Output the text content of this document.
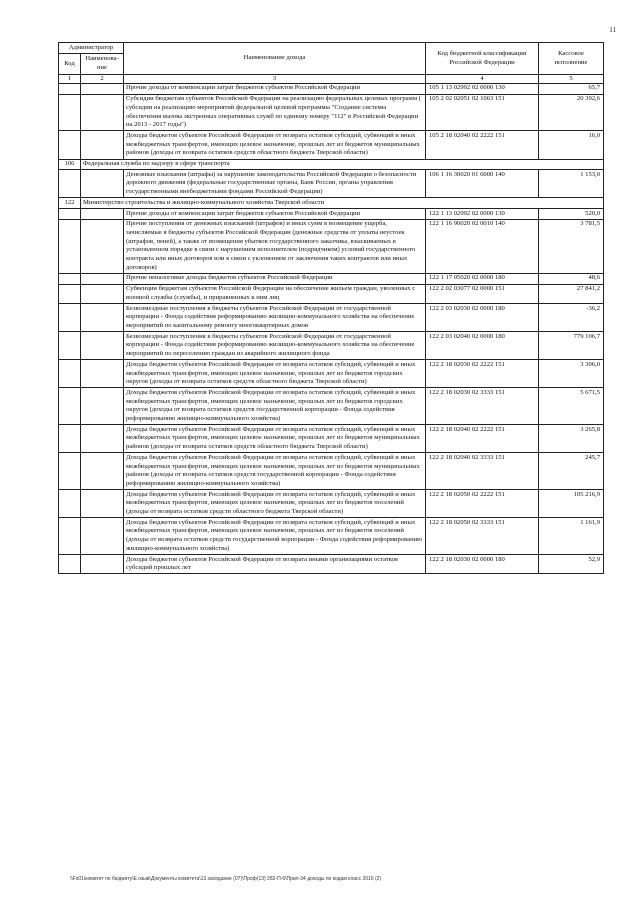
11
Администратор		Наименование дохода	Код бюджетной классификации Российской Федерации	Кассовое исполнение
Код	Наименова-ние			
1	2	3	4	5
		Прочие доходы от компенсации затрат бюджетов субъектов Российской Федерации	105 1 13 02992 02 0000 130	65,7
		Субсидии бюджетам субъектов Российской Федерации на реализацию федеральных целевых программ ( субсидии на реализацию мероприятий федеральной целевой программы "Создание системы обеспечения вызова экстренных оперативных служб по единому номеру "112" в Российской Федерации на 2013 - 2017 годы")	105 2 02 02051 02 1063 151	20 392,6
		Доходы бюджетов субъектов Российской Федерации от возврата остатков субсидий, субвенций и иных межбюджетных трансфертов, имеющих целевое назначение, прошлых лет из бюджетов муниципальных районов (доходы от возврата остатков средств областного бюджета Тверской области)	105 2 18 02040 02 2222 151	16,0
106	Федеральная служба по надзору в сфере транспорта			
		Денежные взыскания (штрафы) за нарушение законодательства Российской Федерации о безопасности дорожного движения (федеральные государственные органы, Банк России, органы управления государственными внебюджетными фондами Российской Федерации)	106 1 16 30020 01 6000 140	1 153,0
122	Министерство строительства и жилищно-коммунального хозяйства Тверской области			
		Прочие доходы от компенсации затрат бюджетов субъектов Российской Федерации	122 1 13 02992 02 0000 130	520,0
		Прочие поступления от денежных взысканий (штрафов) и иных сумм в возмещение ущерба, зачисляемые в бюджеты субъектов Российской Федерации (денежные средства от уплаты неустоек (штрафов, пеней), а также от возмещения убытков государственного заказчика, взыскиваемых в установленном порядке в связи с нарушением исполнителем (подрядчиком) условий государственного контракта или иных договоров или в связи с уклонением от заключения таких контрактов или иных договоров)	122 1 16 90020 02 0010 140	3 781,5
		Прочие неналоговые доходы бюджетов субъектов Российской Федерации	122 1 17 05020 02 0000 180	48,6
		Субвенции бюджетам субъектов Российской Федерации на обеспечение жильем граждан, уволенных с военной службы (службы), и приравненных к ним лиц	122 2 02 03077 02 0000 151	27 841,2
		Безвозмездные поступления в бюджеты субъектов Российской Федерации от государственной корпорации - Фонда содействия реформированию жилищно-коммунального хозяйства на обеспечение мероприятий по капитальному ремонту многоквартирных домов	122 2 03 02030 02 0000 180	-36,2
		Безвозмездные поступления в бюджеты субъектов Российской Федерации от государственной корпорации - Фонда содействия реформированию жилищно-коммунального хозяйства на обеспечение мероприятий по переселению граждан из аварийного жилищного фонда	122 2 03 02040 02 0000 180	779 106,7
		Доходы бюджетов субъектов Российской Федерации от возврата остатков субсидий, субвенций и иных межбюджетных трансфертов, имеющих целевое назначение, прошлых лет из бюджетов городских округов (доходы от возврата остатков средств областного бюджета Тверской области)	122 2 18 02030 02 2222 151	3 306,0
		Доходы бюджетов субъектов Российской Федерации от возврата остатков субсидий, субвенций и иных межбюджетных трансфертов, имеющих целевое назначение, прошлых лет из бюджетов городских округов (доходы от возврата остатков средств государственной корпорации - Фонда содействия реформированию жилищно-коммунального хозяйства)	122 2 18 02030 02 3333 151	5 671,5
		Доходы бюджетов субъектов Российской Федерации от возврата остатков субсидий, субвенций и иных межбюджетных трансфертов, имеющих целевое назначение, прошлых лет из бюджетов муниципальных районов (доходы от возврата остатков средств областного бюджета Тверской области)	122 2 18 02040 02 2222 151	3 265,8
		Доходы бюджетов субъектов Российской Федерации от возврата остатков субсидий, субвенций и иных межбюджетных трансфертов, имеющих целевое назначение, прошлых лет из бюджетов муниципальных районов (доходы от возврата остатков средств государственной корпорации - Фонда содействия реформированию жилищно-коммунального хозяйства)	122 2 18 02040 02 3333 151	245,7
		Доходы бюджетов субъектов Российской Федерации от возврата остатков субсидий, субвенций и иных межбюджетных трансфертов, имеющих целевое назначение, прошлых лет из бюджетов поселений (доходы от возврата остатков средств областного бюджета Тверской области)	122 2 18 02050 02 2222 151	105 216,9
		Доходы бюджетов субъектов Российской Федерации от возврата остатков субсидий, субвенций и иных межбюджетных трансфертов, имеющих целевое назначение, прошлых лет из бюджетов поселений (доходы от возврата остатков средств государственной корпорации - Фонда содействия реформированию жилищно-коммунального хозяйства)	122 2 18 02050 02 3333 151	1 161,9
		Доходы бюджетов субъектов Российской Федерации от возврата иными организациями остатков субсидий прошлых лет	122 2 18 02030 02 0000 180	52,9
\\Fs01\комитет по бюджету\Е.озыв\Документы комитета\13 заседание (07)\Проф(13) 282-П-6\Прил-34 доходы по кодам класс 2016 (2)
